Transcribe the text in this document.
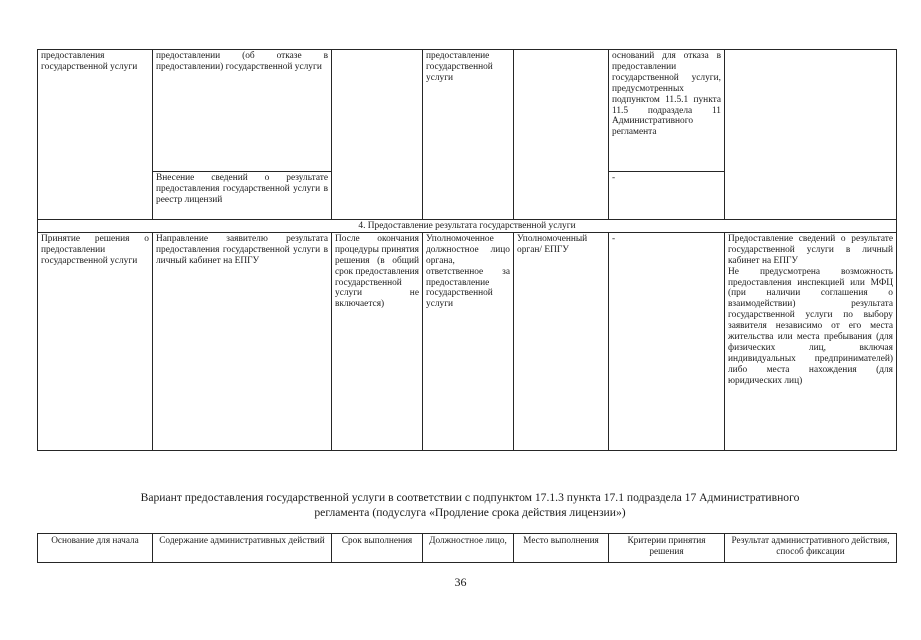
предоставления государственной услуги	предоставлении (об отказе в предоставлении) государственной услуги		предоставление государственной услуги		оснований для отказа в предоставлении государственной услуги, предусмотренных подпунктом 11.5.1 пункта 11.5 подраздела 11 Административного регламента	
	Внесение сведений о результате предоставления государственной услуги в реестр лицензий				-	
4. Предоставление результата государственной услуги						
Принятие решения о предоставлении государственной услуги	Направление заявителю результата предоставления государственной услуги в личный кабинет на ЕПГУ	После окончания процедуры принятия решения (в общий срок предоставления государственной услуги не включается)	Уполномоченное должностное лицо органа, ответственное за предоставление государственной услуги	Уполномоченный орган/ ЕПГУ	-	Предоставление сведений о результате государственной услуги в личный кабинет на ЕПГУ
Не предусмотрена возможность предоставления инспекцией или МФЦ (при наличии соглашения о взаимодействии) результата государственной услуги по выбору заявителя независимо от его места жительства или места пребывания (для физических лиц, включая индивидуальных предпринимателей) либо места нахождения (для юридических лиц)
Вариант предоставления государственной услуги в соответствии с подпунктом 17.1.3 пункта 17.1 подраздела 17 Административного
регламента (подуслуга «Продление срока действия лицензии»)
Основание для начала	Содержание административных действий	Срок выполнения	Должностное лицо,	Место выполнения	Критерии принятия решения	Результат административного действия, способ фиксации
36
